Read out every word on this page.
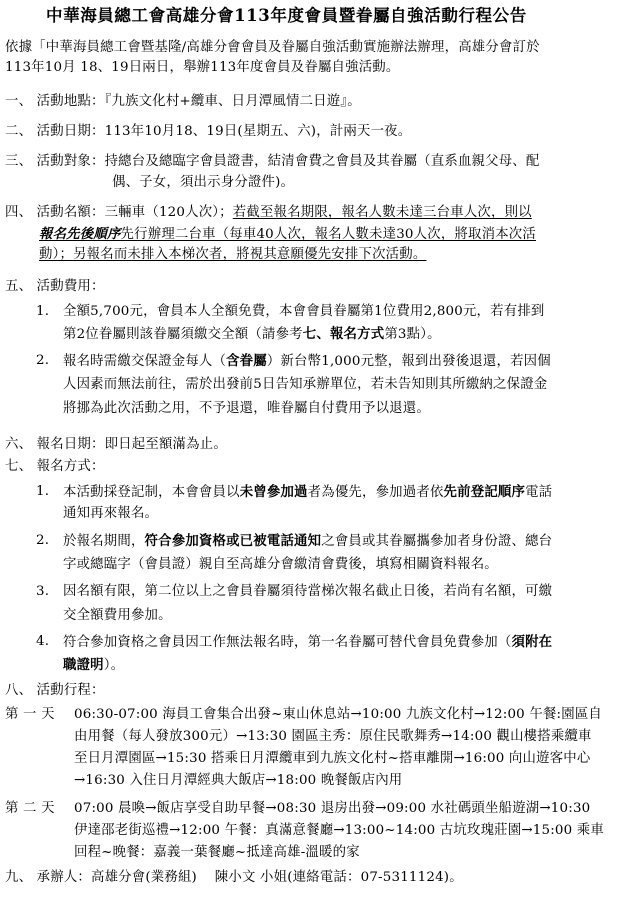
中華海員總工會高雄分會113年度會員暨眷屬自強活動行程公告
依據「中華海員總工會暨基隆/高雄分會會員及眷屬自強活動實施辦法辦理，高雄分會訂於
113年10月 18、19日兩日，舉辦113年度會員及眷屬自強活動。
一、 活動地點：『九族文化村+纜車、日月潭風情二日遊』。
二、 活動日期：113年10月18、19日(星期五、六)，計兩天一夜。
三、 活動對象：持總台及總臨字會員證書，結清會費之會員及其眷屬（直系血親父母、配
偶、子女，須出示身分證件)。
四、 活動名額：三輛車（120人次）；若截至報名期限，報名人數未達三台車人次，則以
報名先後順序先行辦理二台車（每車40人次，報名人數未達30人次，將取消本次活
動）；另報名而未排入本梯次者，將視其意願優先安排下次活動。
五、 活動費用：
1. 全額5,700元，會員本人全額免費，本會會員眷屬第1位費用2,800元，若有排到
第2位眷屬則該眷屬須繳交全額（請參考七、報名方式第3點）。
2. 報名時需繳交保證金每人（含眷屬）新台幣1,000元整，報到出發後退還，若因個
人因素而無法前往，需於出發前5日告知承辦單位，若未告知則其所繳納之保證金
將挪為此次活動之用，不予退還，唯眷屬自付費用予以退還。
六、 報名日期：即日起至額滿為止。
七、 報名方式：
1. 本活動採登記制，本會會員以未曾參加過者為優先，參加過者依先前登記順序電話
通知再來報名。
2. 於報名期間，符合參加資格或已被電話通知之會員或其眷屬攜參加者身份證、總台
字或總臨字（會員證）親自至高雄分會繳清會費後，填寫相關資料報名。
3. 因名額有限，第二位以上之會員眷屬須待當梯次報名截止日後，若尚有名額，可繳
交全額費用參加。
4. 符合參加資格之會員因工作無法報名時，第一名眷屬可替代會員免費參加（須附在
職證明）。
八、 活動行程：
第 一 天 06:30-07:00 海員工會集合出發~東山休息站→10:00 九族文化村→12:00 午餐:園區自
由用餐（每人發放300元）→13:30 園區主秀：原住民歌舞秀→14:00 觀山樓搭乘纜車
至日月潭園區→15:30 搭乘日月潭纜車到九族文化村~搭車離開→16:00 向山遊客中心
→16:30 入住日月潭經典大飯店→18:00 晚餐飯店內用
第 二 天 07:00 晨喚→飯店享受自助早餐→08:30 退房出發→09:00 水社碼頭坐船遊湖→10:30
伊達邵老街巡禮→12:00 午餐：真滿意餐廳→13:00~14:00 古坑玫瑰莊園→15:00 乘車
回程~晚餐：嘉義一葉餐廳~抵達高雄-溫暖的家
九、 承辦人：高雄分會(業務組)    陳小文 小姐(連絡電話：07-5311124)。
